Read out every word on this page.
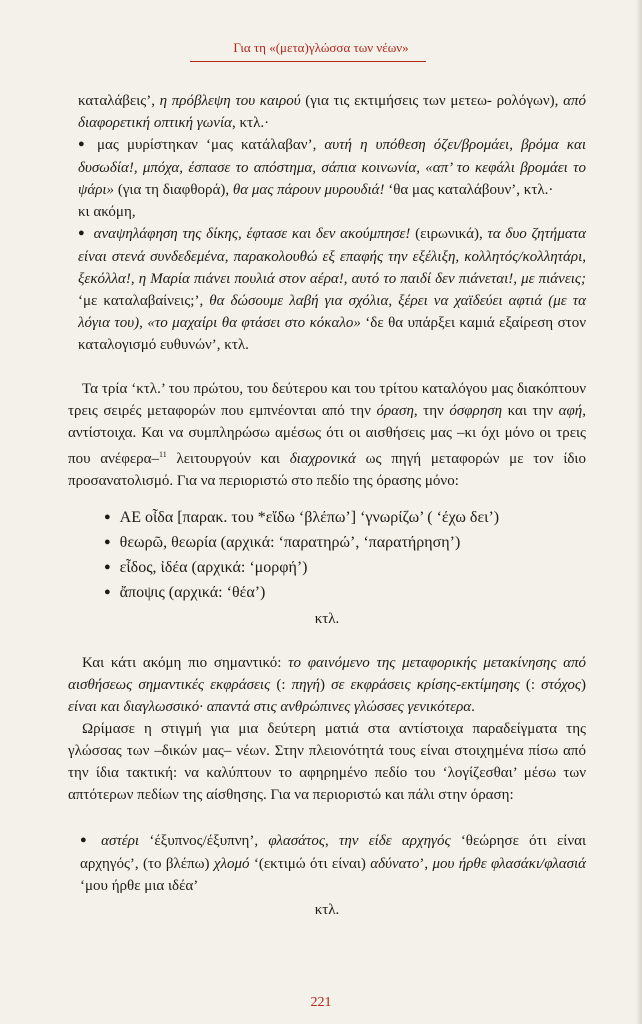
Για τη «(μετα)γλώσσα των νέων»

καταλάβεις’, η πρόβλεψη του καιρού (για τις εκτιμήσεις των μετεω- ρολόγων), από διαφορετική οπτική γωνία, κτλ.·

● μας μυρίστηκαν ‘μας κατάλαβαν’, αυτή η υπόθεση όζει/βρομάει, βρόμα και δυσωδία!, μπόχα, έσπασε το απόστημα, σάπια κοινωνία, «απ’ το κεφάλι βρομάει το ψάρι» (για τη διαφθορά), θα μας πάρουν μυρουδιά! ‘θα μας καταλάβουν’, κτλ.·

κι ακόμη,

● αναψηλάφηση της δίκης, έφτασε και δεν ακούμπησε! (ειρωνικά), τα δυο ζητήματα είναι στενά συνδεδεμένα, παρακολουθώ εξ επαφής την εξέλιξη, κολλητός/κολλητάρι, ξεκόλλα!, η Μαρία πιάνει πουλιά στον αέρα!, αυτό το παιδί δεν πιάνεται!, με πιάνεις; ‘με καταλαβαίνεις;’, θα δώσουμε λαβή για σχόλια, ξέρει να χαϊδεύει αφτιά (με τα λόγια του), «το μαχαίρι θα φτάσει στο κόκαλο» ‘δε θα υπάρξει καμιά εξαίρεση στον καταλογισμό ευθυνών’, κτλ.

Τα τρία ‘κτλ.’ του πρώτου, του δεύτερου και του τρίτου καταλόγου μας διακόπτουν τρεις σειρές μεταφορών που εμπνέονται από την όραση, την όσφρηση και την αφή, αντίστοιχα. Και να συμπληρώσω αμέσως ότι οι αισθήσεις μας –κι όχι μόνο οι τρεις που ανέφερα–$^{11}$ λειτουργούν και διαχρονικά ως πηγή μεταφορών με τον ίδιο προσανατολισμό. Για να περιοριστώ στο πεδίο της όρασης μόνο:

● ΑΕ οἶδα [παρακ. του *εἴδω ‘βλέπω’] ‘γνωρίζω’ ( ‘έχω δει’)
● θεωρῶ, θεωρία (αρχικά: ‘παρατηρώ’, ‘παρατήρηση’)
● εἶδος, ἰδέα (αρχικά: ‘μορφή’)
● ἄποψις (αρχικά: ‘θέα’)

κτλ.

Και κάτι ακόμη πιο σημαντικό: το φαινόμενο της μεταφορικής μετακίνησης από αισθήσεως σημαντικές εκφράσεις (: πηγή) σε εκφράσεις κρίσης-εκτίμησης (: στόχος) είναι και διαγλωσσικό· απαντά στις ανθρώπινες γλώσσες γενικότερα.

Ωρίμασε η στιγμή για μια δεύτερη ματιά στα αντίστοιχα παραδείγματα της γλώσσας των –δικών μας– νέων. Στην πλειονότητά τους είναι στοιχημένα πίσω από την ίδια τακτική: να καλύπτουν το αφηρημένο πεδίο του ‘λογίζεσθαι’ μέσω των απτότερων πεδίων της αίσθησης. Για να περιοριστώ και πάλι στην όραση:

● αστέρι ‘έξυπνος/έξυπνη’, φλασάτος, την είδε αρχηγός ‘θεώρησε ότι είναι αρχηγός’, (το βλέπω) χλομό ‘(εκτιμώ ότι είναι) αδύνατο’, μου ήρθε φλασάκι/φλασιά ‘μου ήρθε μια ιδέα’

κτλ.

221
